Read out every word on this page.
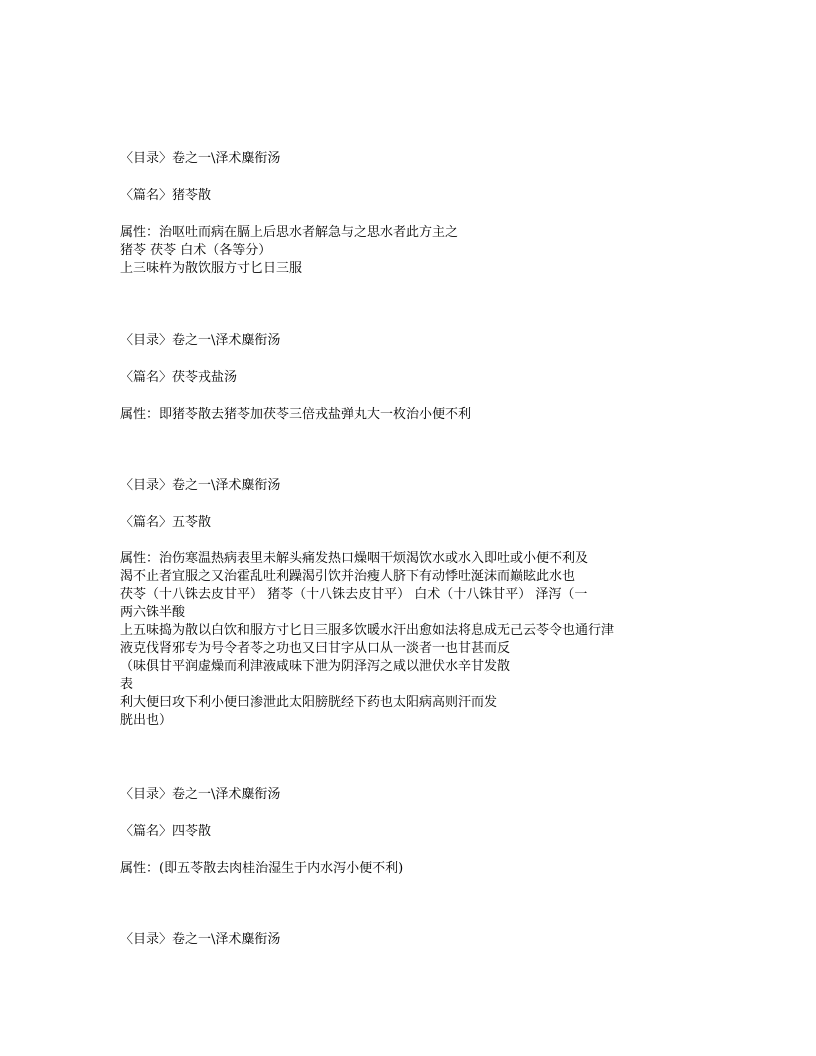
〈目录〉卷之一\泽术麋衔汤
〈篇名〉猪苓散
属性：治呕吐而病在膈上后思水者解急与之思水者此方主之
猪苓 茯苓 白术（各等分）
上三味杵为散饮服方寸匕日三服
〈目录〉卷之一\泽术麋衔汤
〈篇名〉茯苓戎盐汤
属性：即猪苓散去猪苓加茯苓三倍戎盐弹丸大一枚治小便不利
〈目录〉卷之一\泽术麋衔汤
〈篇名〉五苓散
属性：治伤寒温热病表里未解头痛发热口燥咽干烦渴饮水或水入即吐或小便不利及
渴不止者宜服之又治霍乱吐利躁渴引饮并治瘦人脐下有动悸吐涎沫而巅眩此水也
茯苓（十八铢去皮甘平） 猪苓（十八铢去皮甘平） 白术（十八铢甘平） 泽泻（一
两六铢半酸
上五味捣为散以白饮和服方寸匕日三服多饮暖水汗出愈如法将息成无己云苓令也通行津
液克伐肾邪专为号令者苓之功也又曰甘字从口从一淡者一也甘甚而反
（味俱甘平润虚燥而利津液咸味下泄为阴泽泻之咸以泄伏水辛甘发散
表
利大便曰攻下利小便曰渗泄此太阳膀胱经下药也太阳病高则汗而发
胱出也）
〈目录〉卷之一\泽术麋衔汤
〈篇名〉四苓散
属性：(即五苓散去肉桂治湿生于内水泻小便不利)
〈目录〉卷之一\泽术麋衔汤
